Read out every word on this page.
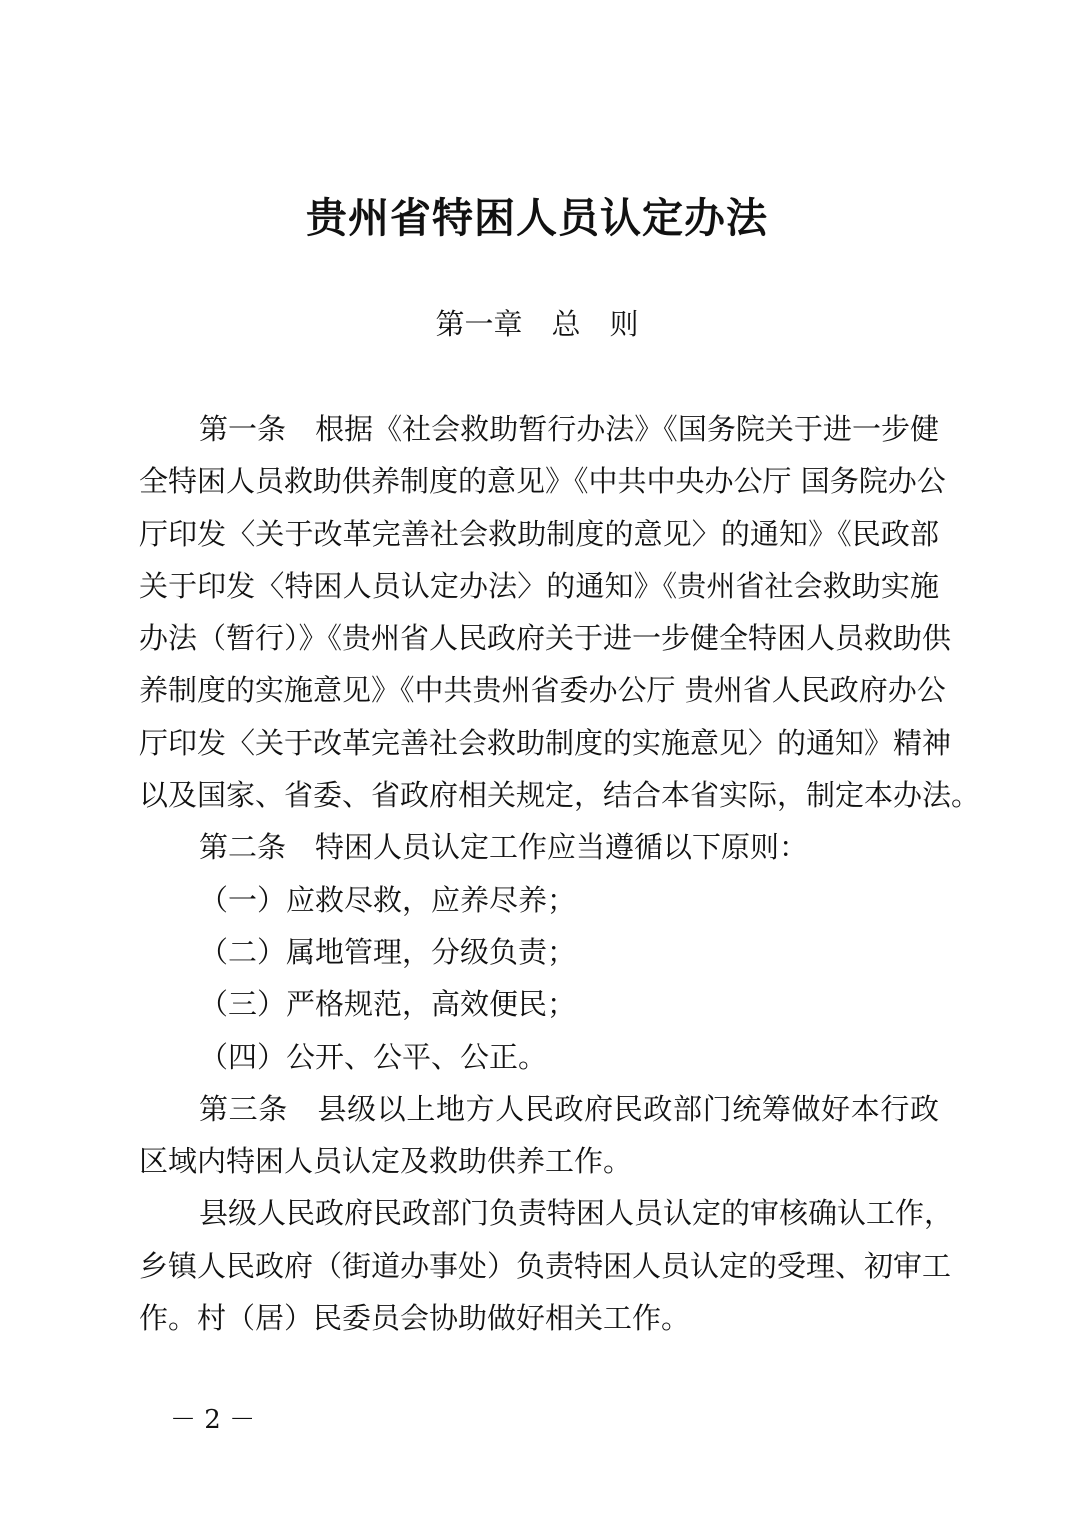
贵州省特困人员认定办法
第一章　总　则
第一条　根据《社会救助暂行办法》《国务院关于进一步健
全特困人员救助供养制度的意见》《中共中央办公厅 国务院办公
厅印发〈关于改革完善社会救助制度的意见〉的通知》《民政部
关于印发〈特困人员认定办法〉的通知》《贵州省社会救助实施
办法（暂行）》《贵州省人民政府关于进一步健全特困人员救助供
养制度的实施意见》《中共贵州省委办公厅 贵州省人民政府办公
厅印发〈关于改革完善社会救助制度的实施意见〉的通知》精神
以及国家、省委、省政府相关规定，结合本省实际，制定本办法。
第二条　特困人员认定工作应当遵循以下原则：
（一）应救尽救，应养尽养；
（二）属地管理，分级负责；
（三）严格规范，高效便民；
（四）公开、公平、公正。
第三条　县级以上地方人民政府民政部门统筹做好本行政
区域内特困人员认定及救助供养工作。
县级人民政府民政部门负责特困人员认定的审核确认工作，
乡镇人民政府（街道办事处）负责特困人员认定的受理、初审工
作。村（居）民委员会协助做好相关工作。
－ 2 －
